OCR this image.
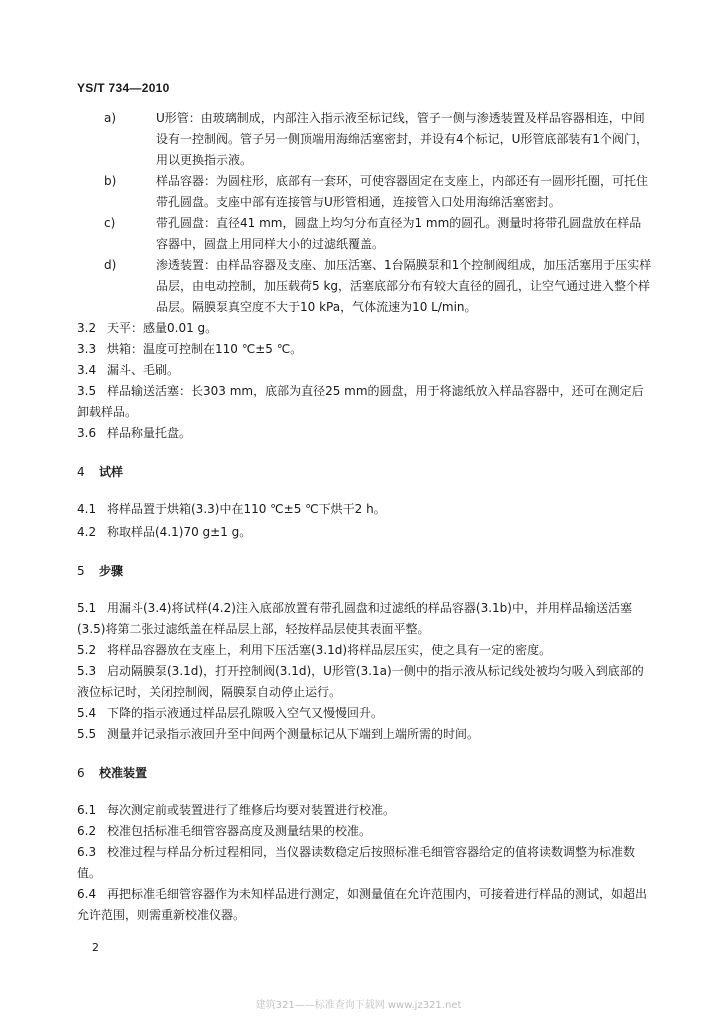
YS/T 734—2010
a)	U形管：由玻璃制成，内部注入指示液至标记线，管子一侧与渗透装置及样品容器相连，中间设有一控制阀。管子另一侧顶端用海绵活塞密封，并设有4个标记，U形管底部装有1个阀门，用以更换指示液。
b)	样品容器：为圆柱形，底部有一套环，可使容器固定在支座上，内部还有一圆形托圈，可托住带孔圆盘。支座中部有连接管与U形管相通，连接管入口处用海绵活塞密封。
c)	带孔圆盘：直径41 mm，圆盘上均匀分布直径为1 mm的圆孔。测量时将带孔圆盘放在样品容器中，圆盘上用同样大小的过滤纸覆盖。
d)	渗透装置：由样品容器及支座、加压活塞、1台隔膜泵和1个控制阀组成，加压活塞用于压实样品层，由电动控制，加压载荷5 kg，活塞底部分布有较大直径的圆孔，让空气通过进入整个样品层。隔膜泵真空度不大于10 kPa，气体流速为10 L/min。
3.2 天平：感量0.01 g。
3.3 烘箱：温度可控制在110 ℃±5 ℃。
3.4 漏斗、毛刷。
3.5 样品输送活塞：长303 mm，底部为直径25 mm的圆盘，用于将滤纸放入样品容器中，还可在测定后卸载样品。
3.6 样品称量托盘。
4 试样
4.1 将样品置于烘箱(3.3)中在110 ℃±5 ℃下烘干2 h。
4.2 称取样品(4.1)70 g±1 g。
5 步骤
5.1 用漏斗(3.4)将试样(4.2)注入底部放置有带孔圆盘和过滤纸的样品容器(3.1b)中，并用样品输送活塞(3.5)将第二张过滤纸盖在样品层上部，轻按样品层使其表面平整。
5.2 将样品容器放在支座上，利用下压活塞(3.1d)将样品层压实，使之具有一定的密度。
5.3 启动隔膜泵(3.1d)，打开控制阀(3.1d)，U形管(3.1a)一侧中的指示液从标记线处被均匀吸入到底部的液位标记时，关闭控制阀，隔膜泵自动停止运行。
5.4 下降的指示液通过样品层孔隙吸入空气又慢慢回升。
5.5 测量并记录指示液回升至中间两个测量标记从下端到上端所需的时间。
6 校准装置
6.1 每次测定前或装置进行了维修后均要对装置进行校准。
6.2 校准包括标准毛细管容器高度及测量结果的校准。
6.3 校准过程与样品分析过程相同，当仪器读数稳定后按照标准毛细管容器给定的值将读数调整为标准数值。
6.4 再把标准毛细管容器作为未知样品进行测定，如测量值在允许范围内，可接着进行样品的测试，如超出允许范围，则需重新校准仪器。
2
建筑321——标准查询下载网 www.jz321.net
